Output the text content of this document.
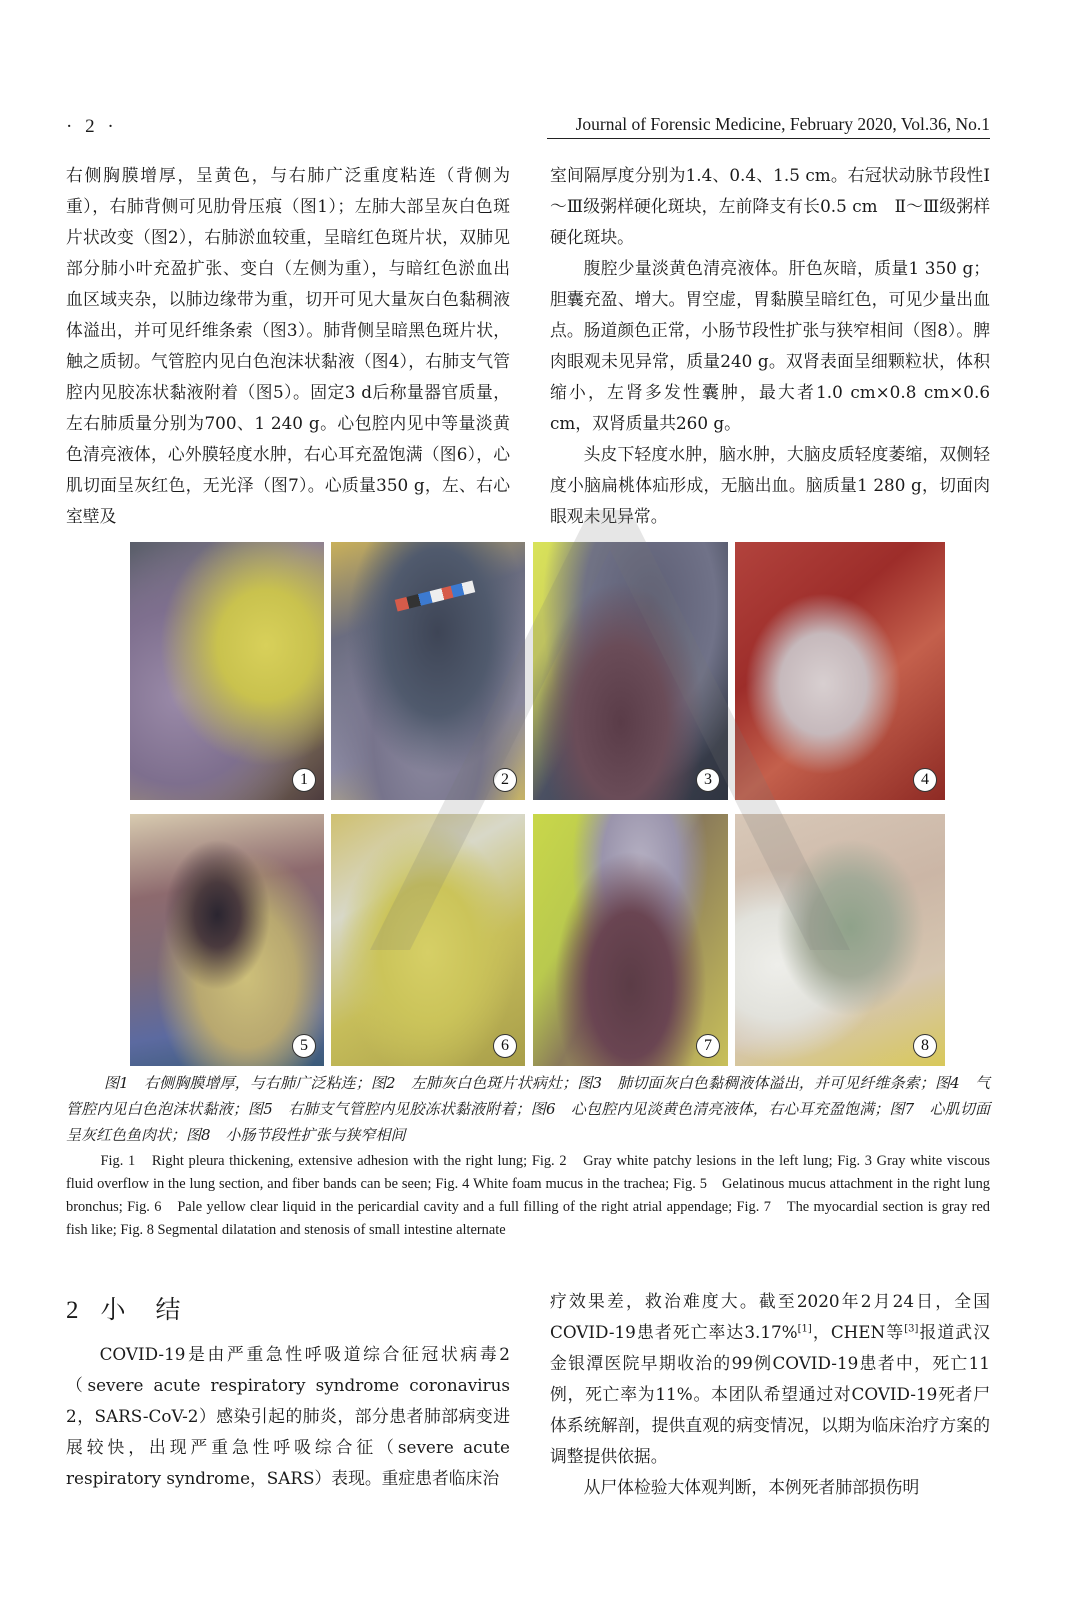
· 2 ·	Journal of Forensic Medicine, February 2020, Vol.36, No.1

右侧胸膜增厚，呈黄色，与右肺广泛重度粘连（背侧为重），右肺背侧可见肋骨压痕（图1）；左肺大部呈灰白色斑片状改变（图2），右肺淤血较重，呈暗红色斑片状，双肺见部分肺小叶充盈扩张、变白（左侧为重），与暗红色淤血出血区域夹杂，以肺边缘带为重，切开可见大量灰白色黏稠液体溢出，并可见纤维条索（图3）。肺背侧呈暗黑色斑片状，触之质韧。气管腔内见白色泡沫状黏液（图4），右肺支气管腔内见胶冻状黏液附着（图5）。固定3 d后称量器官质量，左右肺质量分别为700、1 240 g。心包腔内见中等量淡黄色清亮液体，心外膜轻度水肿，右心耳充盈饱满（图6），心肌切面呈灰红色，无光泽（图7）。心质量350 g，左、右心室壁及

室间隔厚度分别为1.4、0.4、1.5 cm。右冠状动脉节段性Ⅰ～Ⅲ级粥样硬化斑块，左前降支有长0.5 cm　Ⅱ～Ⅲ级粥样硬化斑块。

腹腔少量淡黄色清亮液体。肝色灰暗，质量1 350 g；胆囊充盈、增大。胃空虚，胃黏膜呈暗红色，可见少量出血点。肠道颜色正常，小肠节段性扩张与狭窄相间（图8）。脾肉眼观未见异常，质量240 g。双肾表面呈细颗粒状，体积缩小，左肾多发性囊肿，最大者1.0 cm×0.8 cm×0.6 cm，双肾质量共260 g。

头皮下轻度水肿，脑水肿，大脑皮质轻度萎缩，双侧轻度小脑扁桃体疝形成，无脑出血。脑质量1 280 g，切面肉眼观未见异常。

1	2	3	4
5	6	7	8
图1　右侧胸膜增厚，与右肺广泛粘连；图2　左肺灰白色斑片状病灶；图3　肺切面灰白色黏稠液体溢出，并可见纤维条索；图4　气管腔内见白色泡沫状黏液；图5　右肺支气管腔内见胶冻状黏液附着；图6　心包腔内见淡黄色清亮液体，右心耳充盈饱满；图7　心肌切面呈灰红色鱼肉状；图8　小肠节段性扩张与狭窄相间

Fig. 1　Right pleura thickening, extensive adhesion with the right lung; Fig. 2　Gray white patchy lesions in the left lung; Fig. 3 Gray white viscous fluid overflow in the lung section, and fiber bands can be seen; Fig. 4 White foam mucus in the trachea; Fig. 5　Gelatinous mucus attachment in the right lung bronchus; Fig. 6　Pale yellow clear liquid in the pericardial cavity and a full filling of the right atrial appendage; Fig. 7　The myocardial section is gray red fish like; Fig. 8 Segmental dilatation and stenosis of small intestine alternate

2 小 结

COVID-19是由严重急性呼吸道综合征冠状病毒2（severe acute respiratory syndrome coronavirus 2，SARS-CoV-2）感染引起的肺炎，部分患者肺部病变进展较快，出现严重急性呼吸综合征（severe acute respiratory syndrome，SARS）表现。重症患者临床治

疗效果差，救治难度大。截至2020年2月24日，全国COVID-19患者死亡率达3.17%[1]，CHEN等[3]报道武汉金银潭医院早期收治的99例COVID-19患者中，死亡11例，死亡率为11%。本团队希望通过对COVID-19死者尸体系统解剖，提供直观的病变情况，以期为临床治疗方案的调整提供依据。

从尸体检验大体观判断，本例死者肺部损伤明
